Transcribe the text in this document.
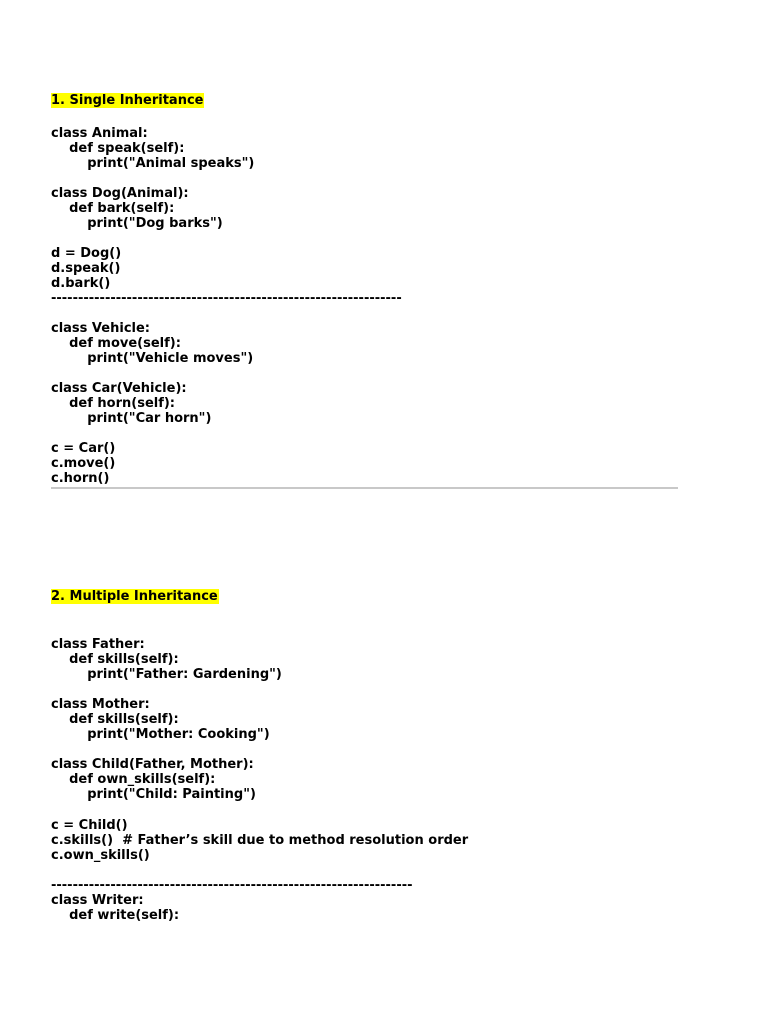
1. Single Inheritance
class Animal:
def speak(self):
print("Animal speaks")
class Dog(Animal):
def bark(self):
print("Dog barks")
d = Dog()
d.speak()
d.bark()
-----------------------------------------------------------------
class Vehicle:
def move(self):
print("Vehicle moves")
class Car(Vehicle):
def horn(self):
print("Car horn")
c = Car()
c.move()
c.horn()
2. Multiple Inheritance
class Father:
def skills(self):
print("Father: Gardening")
class Mother:
def skills(self):
print("Mother: Cooking")
class Child(Father, Mother):
def own_skills(self):
print("Child: Painting")
c = Child()
c.skills()  # Father’s skill due to method resolution order
c.own_skills()
-------------------------------------------------------------------
class Writer:
def write(self):
